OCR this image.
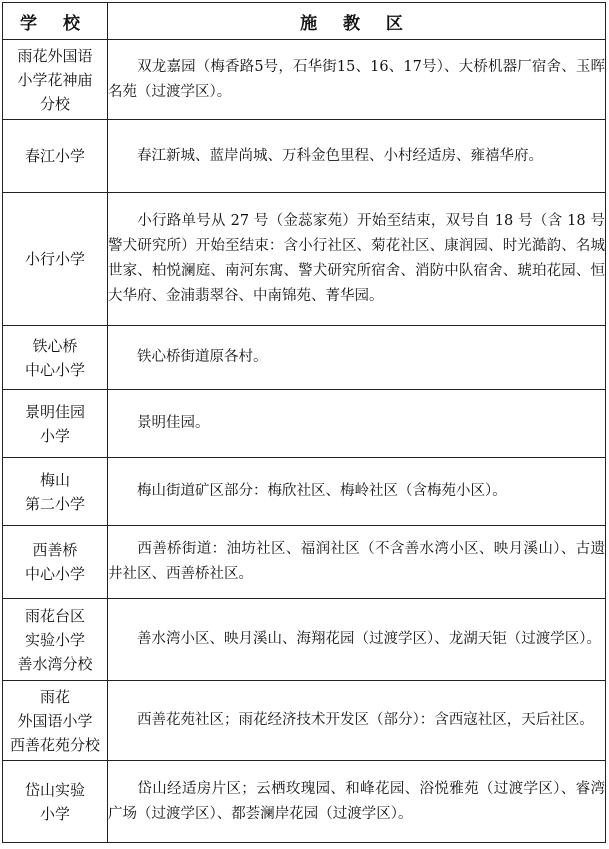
学 校	施 教 区

雨花外国语
小学花神庙
分校	双龙嘉园（梅香路5号，石华街15、16、17号）、大桥机器厂宿舍、玉晖名苑（过渡学区）。

春江小学	春江新城、蓝岸尚城、万科金色里程、小村经适房、雍禧华府。

小行小学	小行路单号从 27 号（金蕊家苑）开始至结束，双号自 18 号（含 18 号警犬研究所）开始至结束：含小行社区、菊花社区、康润园、时光澔韵、名城世家、柏悦澜庭、南河东寓、警犬研究所宿舍、消防中队宿舍、琥珀花园、恒大华府、金浦翡翠谷、中南锦苑、菁华园。

铁心桥
中心小学	铁心桥街道原各村。

景明佳园
小学	景明佳园。

梅山
第二小学	梅山街道矿区部分：梅欣社区、梅岭社区（含梅苑小区）。

西善桥
中心小学	西善桥街道：油坊社区、福润社区（不含善水湾小区、映月溪山）、古遗井社区、西善桥社区。

雨花台区
实验小学
善水湾分校	善水湾小区、映月溪山、海翔花园（过渡学区）、龙湖天钜（过渡学区）。

雨花
外国语小学
西善花苑分校	西善花苑社区；雨花经济技术开发区（部分）：含西寇社区，天后社区。

岱山实验
小学	岱山经适房片区；云栖玫瑰园、和峰花园、浴悦雅苑（过渡学区）、睿湾广场（过渡学区）、都荟澜岸花园（过渡学区）。
